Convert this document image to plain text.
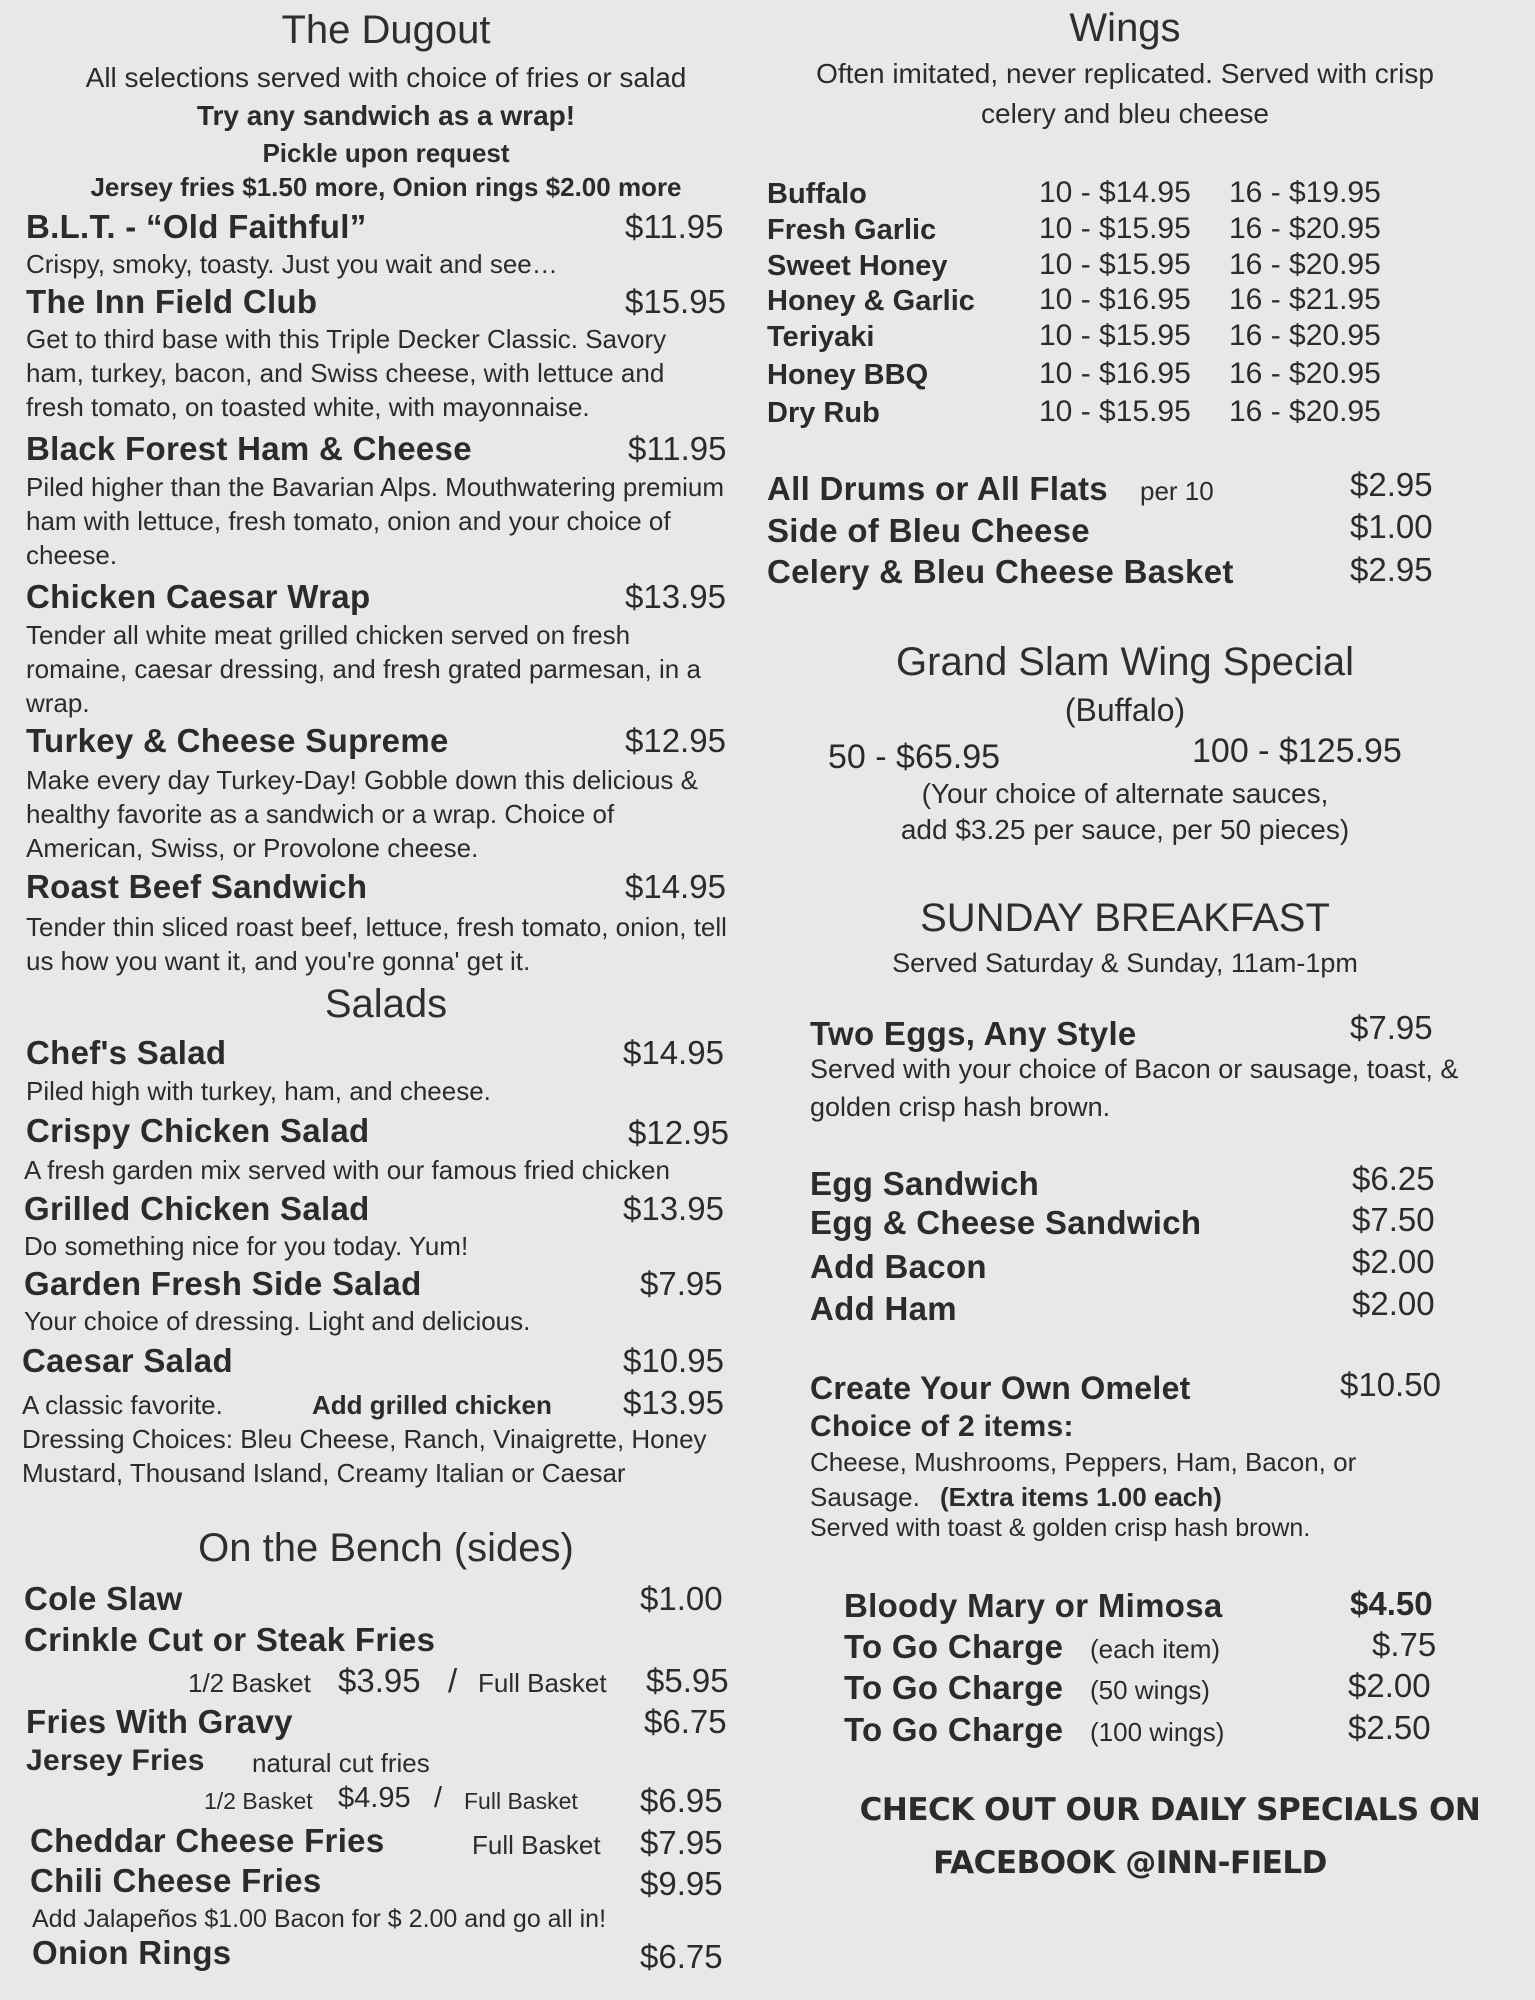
The Dugout
All selections served with choice of fries or salad
Try any sandwich as a wrap!
Pickle upon request
Jersey fries $1.50 more, Onion rings $2.00 more
B.L.T. - “Old Faithful”	$11.95
Crispy, smoky, toasty. Just you wait and see…
The Inn Field Club	$15.95
Get to third base with this Triple Decker Classic. Savory ham, turkey, bacon, and Swiss cheese, with lettuce and fresh tomato, on toasted white, with mayonnaise.
Black Forest Ham & Cheese	$11.95
Piled higher than the Bavarian Alps. Mouthwatering premium ham with lettuce, fresh tomato, onion and your choice of cheese.
Chicken Caesar Wrap	$13.95
Tender all white meat grilled chicken served on fresh romaine, caesar dressing, and fresh grated parmesan, in a wrap.
Turkey & Cheese Supreme	$12.95
Make every day Turkey-Day! Gobble down this delicious & healthy favorite as a sandwich or a wrap. Choice of American, Swiss, or Provolone cheese.
Roast Beef Sandwich	$14.95
Tender thin sliced roast beef, lettuce, fresh tomato, onion, tell us how you want it, and you're gonna' get it.
Salads
Chef's Salad	$14.95
Piled high with turkey, ham, and cheese.
Crispy Chicken Salad	$12.95
A fresh garden mix served with our famous fried chicken
Grilled Chicken Salad	$13.95
Do something nice for you today. Yum!
Garden Fresh Side Salad	$7.95
Your choice of dressing. Light and delicious.
Caesar Salad	$10.95
A classic favorite.	Add grilled chicken $13.95
Dressing Choices: Bleu Cheese, Ranch, Vinaigrette, Honey Mustard, Thousand Island, Creamy Italian or Caesar
On the Bench (sides)
Cole Slaw	$1.00
Crinkle Cut or Steak Fries
1/2 Basket $3.95 / Full Basket $5.95
Fries With Gravy	$6.75
Jersey Fries natural cut fries
1/2 Basket $4.95 / Full Basket $6.95
Cheddar Cheese Fries	Full Basket $7.95
Chili Cheese Fries	$9.95
Add Jalapeños $1.00 Bacon for $ 2.00 and go all in!
Onion Rings	$6.75
Wings
Often imitated, never replicated. Served with crisp celery and bleu cheese
Buffalo	10 - $14.95 16 - $19.95
Fresh Garlic	10 - $15.95 16 - $20.95
Sweet Honey	10 - $15.95 16 - $20.95
Honey & Garlic 10 - $16.95 16 - $21.95
Teriyaki	10 - $15.95 16 - $20.95
Honey BBQ	10 - $16.95 16 - $20.95
Dry Rub	10 - $15.95 16 - $20.95
All Drums or All Flats per 10	$2.95
Side of Bleu Cheese	$1.00
Celery & Bleu Cheese Basket	$2.95
Grand Slam Wing Special
(Buffalo)
50 - $65.95	100 - $125.95
(Your choice of alternate sauces,
add $3.25 per sauce, per 50 pieces)
SUNDAY BREAKFAST
Served Saturday & Sunday, 11am-1pm
Two Eggs, Any Style	$7.95
Served with your choice of Bacon or sausage, toast, & golden crisp hash brown.
Egg Sandwich	$6.25
Egg & Cheese Sandwich	$7.50
Add Bacon	$2.00
Add Ham	$2.00
Create Your Own Omelet	$10.50
Choice of 2 items:
Cheese, Mushrooms, Peppers, Ham, Bacon, or
Sausage. (Extra items 1.00 each)
Served with toast & golden crisp hash brown.
Bloody Mary or Mimosa	$4.50
To Go Charge (each item)	$.75
To Go Charge (50 wings)	$2.00
To Go Charge (100 wings)	$2.50
CHECK OUT OUR DAILY SPECIALS ON
FACEBOOK @INN-FIELD
